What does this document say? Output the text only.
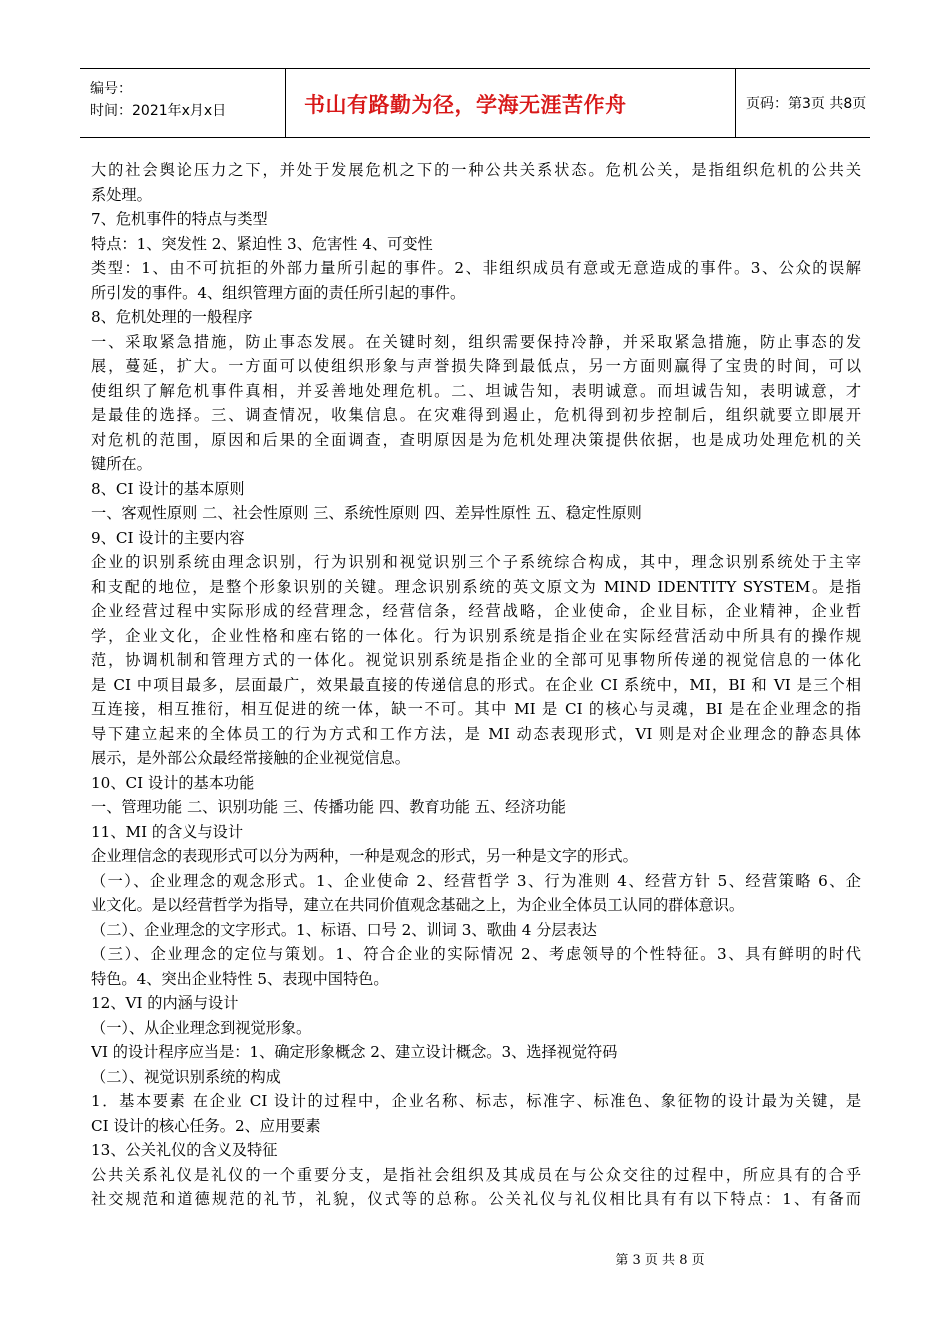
编号：
时间：2021年x月x日	书山有路勤为径，学海无涯苦作舟	页码：第3页 共8页
大的社会舆论压力之下，并处于发展危机之下的一种公共关系状态。危机公关，是指组织危机的公共关
系处理。
7、危机事件的特点与类型
特点：1、突发性 2、紧迫性 3、危害性 4、可变性
类型：1、由不可抗拒的外部力量所引起的事件。2、非组织成员有意或无意造成的事件。3、公众的误解
所引发的事件。4、组织管理方面的责任所引起的事件。
8、危机处理的一般程序
一、采取紧急措施，防止事态发展。在关键时刻，组织需要保持冷静，并采取紧急措施，防止事态的发
展，蔓延，扩大。一方面可以使组织形象与声誉损失降到最低点，另一方面则赢得了宝贵的时间，可以
使组织了解危机事件真相，并妥善地处理危机。二、坦诚告知，表明诚意。而坦诚告知，表明诚意，才
是最佳的选择。三、调查情况，收集信息。在灾难得到遏止，危机得到初步控制后，组织就要立即展开
对危机的范围，原因和后果的全面调查，查明原因是为危机处理决策提供依据，也是成功处理危机的关
键所在。
8、CI 设计的基本原则
一、客观性原则 二、社会性原则 三、系统性原则 四、差异性原性 五、稳定性原则
9、CI 设计的主要内容
企业的识别系统由理念识别，行为识别和视觉识别三个子系统综合构成，其中，理念识别系统处于主宰
和支配的地位，是整个形象识别的关键。理念识别系统的英文原文为 MIND IDENTITY SYSTEM。是指
企业经营过程中实际形成的经营理念，经营信条，经营战略，企业使命，企业目标，企业精神，企业哲
学，企业文化，企业性格和座右铭的一体化。行为识别系统是指企业在实际经营活动中所具有的操作规
范，协调机制和管理方式的一体化。视觉识别系统是指企业的全部可见事物所传递的视觉信息的一体化
是 CI 中项目最多，层面最广，效果最直接的传递信息的形式。在企业 CI 系统中，MI，BI 和 VI 是三个相
互连接，相互推衍，相互促进的统一体，缺一不可。其中 MI 是 CI 的核心与灵魂，BI 是在企业理念的指
导下建立起来的全体员工的行为方式和工作方法，是 MI 动态表现形式，VI 则是对企业理念的静态具体
展示，是外部公众最经常接触的企业视觉信息。
10、CI 设计的基本功能
一、管理功能 二、识别功能 三、传播功能 四、教育功能 五、经济功能
11、MI 的含义与设计
企业理信念的表现形式可以分为两种，一种是观念的形式，另一种是文字的形式。
（一）、企业理念的观念形式。1、企业使命 2、经营哲学 3、行为准则 4、经营方针 5、经营策略 6、企
业文化。是以经营哲学为指导，建立在共同价值观念基础之上，为企业全体员工认同的群体意识。
（二）、企业理念的文字形式。1、标语、口号 2、训词 3、歌曲 4 分层表达
（三）、企业理念的定位与策划。1、符合企业的实际情况 2、考虑领导的个性特征。3、具有鲜明的时代
特色。4、突出企业特性 5、表现中国特色。
12、VI 的内涵与设计
（一）、从企业理念到视觉形象。
VI 的设计程序应当是：1、确定形象概念 2、建立设计概念。3、选择视觉符码
（二）、视觉识别系统的构成
1．基本要素 在企业 CI 设计的过程中，企业名称、标志，标准字、标准色、象征物的设计最为关键，是
CI 设计的核心任务。2、应用要素
13、公关礼仪的含义及特征
公共关系礼仪是礼仪的一个重要分支，是指社会组织及其成员在与公众交往的过程中，所应具有的合乎
社交规范和道德规范的礼节，礼貌，仪式等的总称。公关礼仪与礼仪相比具有有以下特点：1、有备而
第 3 页 共 8 页
